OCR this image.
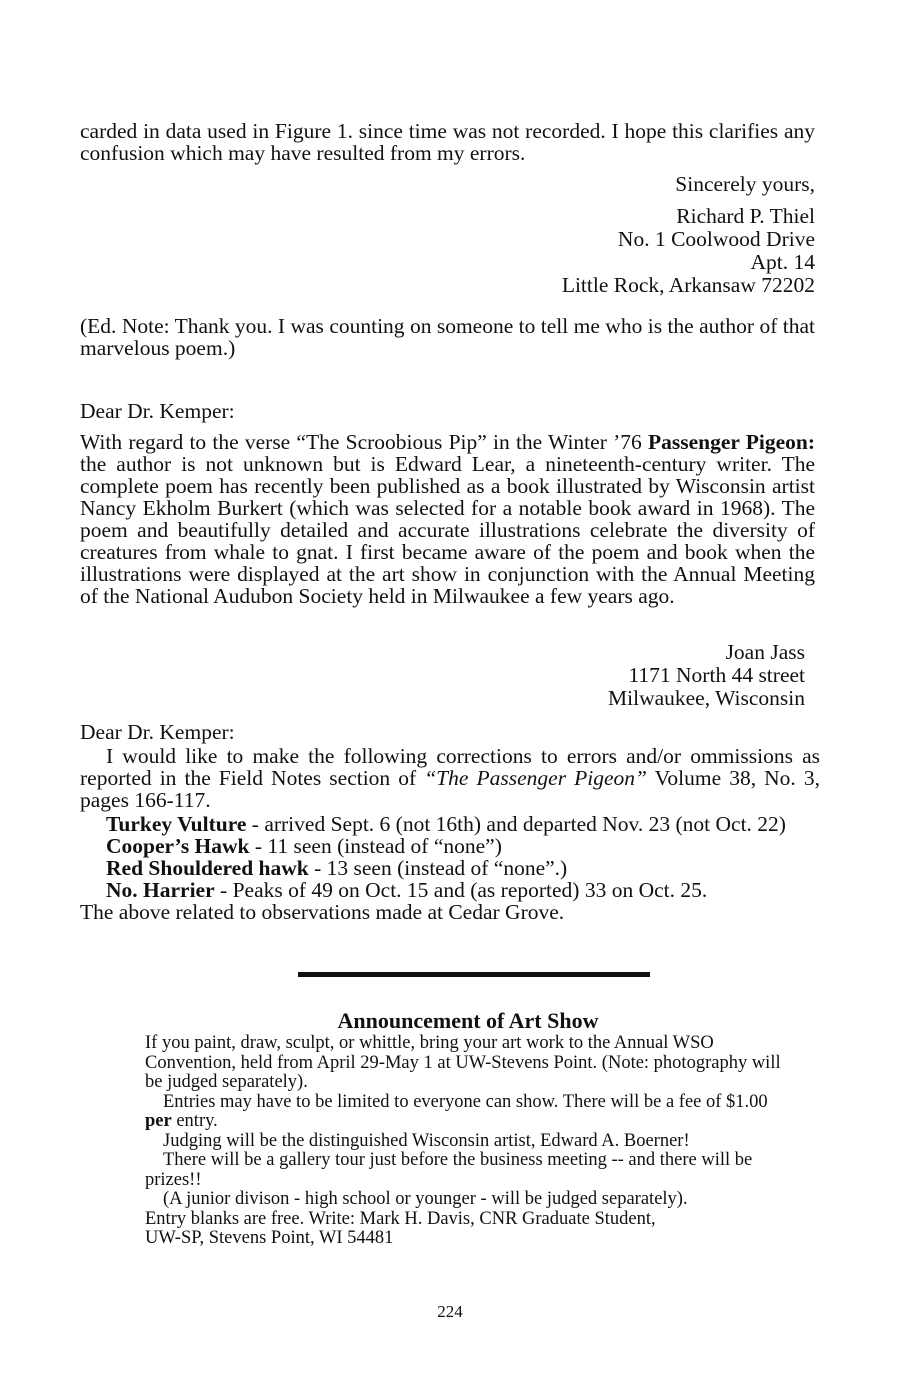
carded in data used in Figure 1. since time was not recorded. I hope this clarifies any confusion which may have resulted from my errors.

Sincerely yours,

Richard P. Thiel

No. 1 Coolwood Drive

Apt. 14

Little Rock, Arkansaw 72202

(Ed. Note: Thank you. I was counting on someone to tell me who is the author of that marvelous poem.)

Dear Dr. Kemper:

With regard to the verse “The Scroobious Pip” in the Winter ’76 Passenger Pigeon: the author is not unknown but is Edward Lear, a nineteenth-century writer. The complete poem has recently been published as a book illustrated by Wisconsin artist Nancy Ekholm Burkert (which was selected for a notable book award in 1968). The poem and beautifully detailed and accurate illustrations celebrate the diversity of creatures from whale to gnat. I first became aware of the poem and book when the illustrations were displayed at the art show in conjunction with the Annual Meeting of the National Audubon Society held in Milwaukee a few years ago.

Joan Jass

1171 North 44 street

Milwaukee, Wisconsin

Dear Dr. Kemper:

I would like to make the following corrections to errors and/or ommissions as reported in the Field Notes section of “The Passenger Pigeon” Volume 38, No. 3, pages 166-117.

Turkey Vulture - arrived Sept. 6 (not 16th) and departed Nov. 23 (not Oct. 22)

Cooper’s Hawk - 11 seen (instead of “none”)

Red Shouldered hawk - 13 seen (instead of “none”.)

No. Harrier - Peaks of 49 on Oct. 15 and (as reported) 33 on Oct. 25.

The above related to observations made at Cedar Grove.

Announcement of Art Show

If you paint, draw, sculpt, or whittle, bring your art work to the Annual WSO Convention, held from April 29-May 1 at UW-Stevens Point. (Note: photography will be judged separately).

Entries may have to be limited to everyone can show. There will be a fee of $1.00 per entry.

Judging will be the distinguished Wisconsin artist, Edward A. Boerner!

There will be a gallery tour just before the business meeting -- and there will be prizes!!

(A junior divison - high school or younger - will be judged separately).

Entry blanks are free. Write: Mark H. Davis, CNR Graduate Student,

UW-SP, Stevens Point, WI 54481

224
